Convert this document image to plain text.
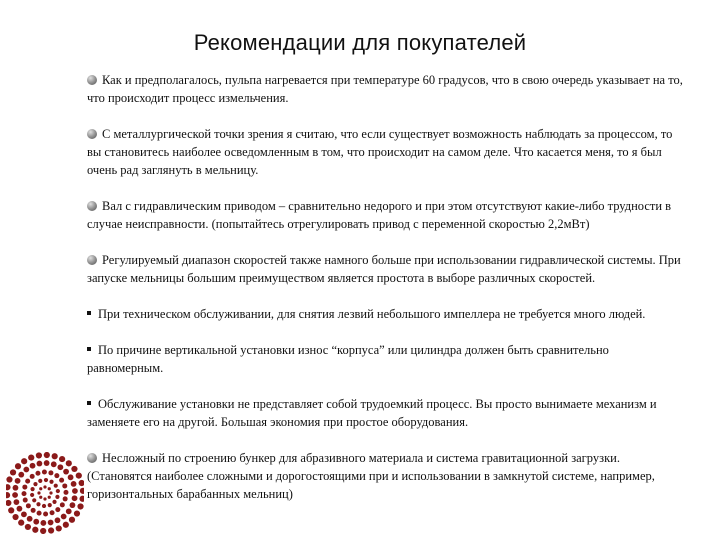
Рекомендации для покупателей

Как и предполагалось, пульпа нагревается при температуре 60 градусов, что в свою очередь указывает на то, что происходит процесс измельчения.

С металлургической точки зрения я считаю, что если существует возможность наблюдать за процессом, то вы становитесь наиболее осведомленным в том, что происходит на самом деле. Что касается меня, то я был очень рад заглянуть в мельницу.

Вал с гидравлическим приводом – сравнительно недорого и при этом отсутствуют какие-либо трудности в случае неисправности. (попытайтесь отрегулировать привод с переменной скоростью 2,2мВт)

Регулируемый диапазон скоростей также намного больше при использовании гидравлической системы. При запуске мельницы большим преимуществом является простота в выборе различных скоростей.

При техническом обслуживании, для снятия лезвий небольшого импеллера не требуется много людей.

По причине вертикальной установки износ “корпуса” или цилиндра должен быть сравнительно равномерным.

Обслуживание установки не представляет собой трудоемкий процесс. Вы просто вынимаете механизм и заменяете его на другой. Большая экономия при простое оборудования.

Несложный по строению бункер для абразивного материала и система гравитационной загрузки. (Становятся наиболее сложными и дорогостоящими при и использовании в замкнутой системе, например, горизонтальных барабанных мельниц)
